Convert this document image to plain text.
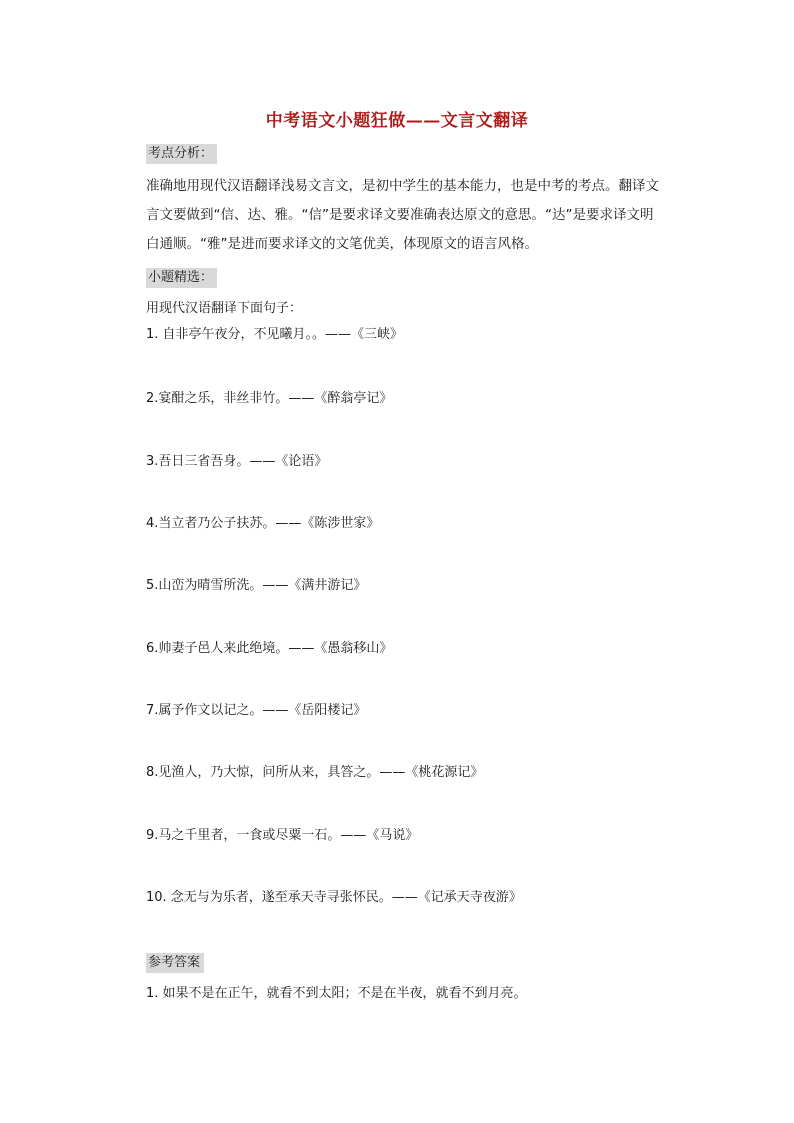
中考语文小题狂做——文言文翻译
考点分析：
准确地用现代汉语翻译浅易文言文，是初中学生的基本能力，也是中考的考点。翻译文
言文要做到“信、达、雅。“信”是要求译文要准确表达原文的意思。“达”是要求译文明
白通顺。“雅”是进而要求译文的文笔优美，体现原文的语言风格。
小题精选：
用现代汉语翻译下面句子：
1. 自非亭午夜分，不见曦月。。——《三峡》
2.宴酣之乐，非丝非竹。——《醉翁亭记》
3.吾日三省吾身。——《论语》
4.当立者乃公子扶苏。——《陈涉世家》
5.山峦为晴雪所洗。——《满井游记》
6.帅妻子邑人来此绝境。——《愚翁移山》
7.属予作文以记之。——《岳阳楼记》
8.见渔人，乃大惊，问所从来，具答之。——《桃花源记》
9.马之千里者，一食或尽粟一石。——《马说》
10. 念无与为乐者，遂至承天寺寻张怀民。——《记承天寺夜游》
参考答案
1. 如果不是在正午，就看不到太阳；不是在半夜，就看不到月亮。
